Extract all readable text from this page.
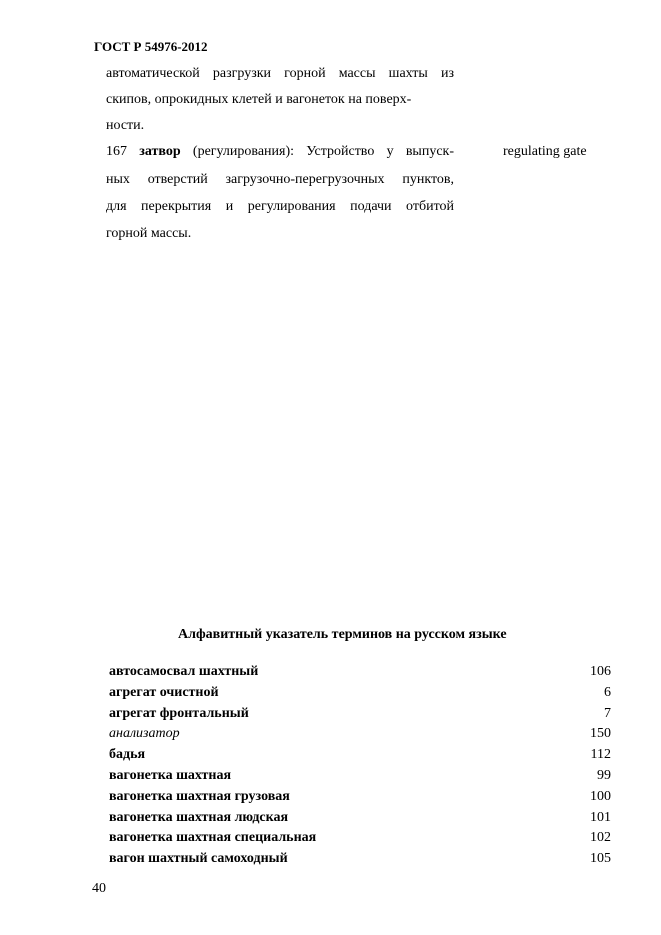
ГОСТ Р 54976-2012
автоматической разгрузки горной массы шахты из
скипов, опрокидных клетей и вагонеток на поверх-
ности.
167 затвор (регулирования): Устройство у выпуск-
ных отверстий загрузочно-перегрузочных пунктов,
для перекрытия и регулирования подачи отбитой
горной массы.
regulating gate
Алфавитный указатель терминов на русском языке
автосамосвал шахтный	106
агрегат очистной	6
агрегат фронтальный	7
анализатор	150
бадья	112
вагонетка шахтная	99
вагонетка шахтная грузовая	100
вагонетка шахтная людская	101
вагонетка шахтная специальная	102
вагон шахтный самоходный	105
40
